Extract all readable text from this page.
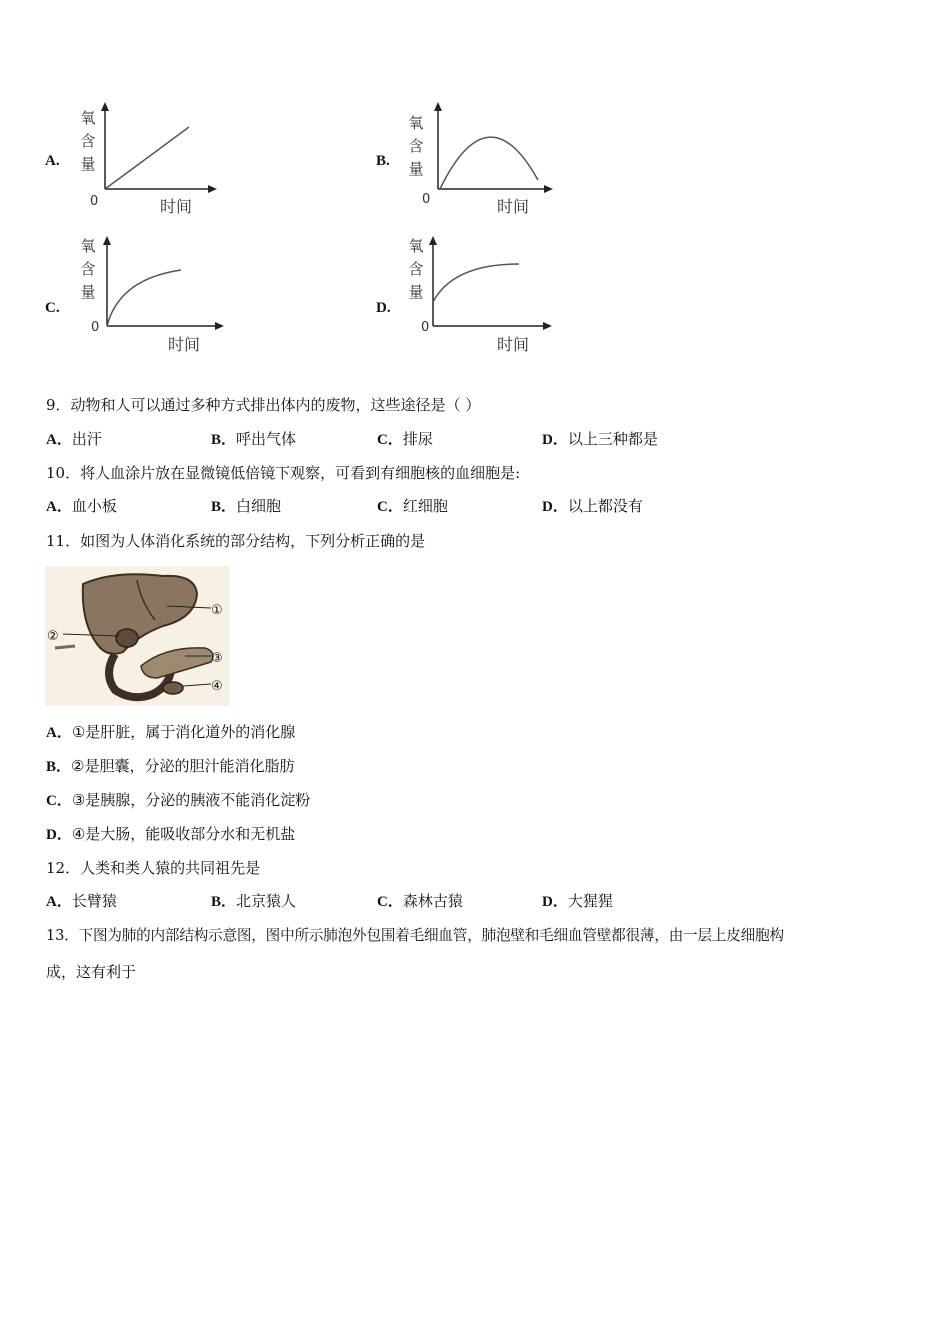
A.
氧
含
量
0	时间
B.
氧
含
量
0	时间
C.
氧
含
量
0
时间
D.
氧
含
量
0
时间
9．动物和人可以通过多种方式排出体内的废物，这些途径是（ ）
A．出汗	B．呼出气体	C．排尿	D．以上三种都是
10．将人血涂片放在显微镜低倍镜下观察，可看到有细胞核的血细胞是:
A．血小板	B．白细胞	C．红细胞	D．以上都没有
11．如图为人体消化系统的部分结构，下列分析正确的是
①
②
③
④
A．①是肝脏，属于消化道外的消化腺
B．②是胆囊，分泌的胆汁能消化脂肪
C．③是胰腺，分泌的胰液不能消化淀粉
D．④是大肠，能吸收部分水和无机盐
12．人类和类人猿的共同祖先是
A．长臂猿	B．北京猿人	C．森林古猿	D．大猩猩
13．下图为肺的内部结构示意图，图中所示肺泡外包围着毛细血管，肺泡壁和毛细血管壁都很薄，由一层上皮细胞构
成，这有利于
